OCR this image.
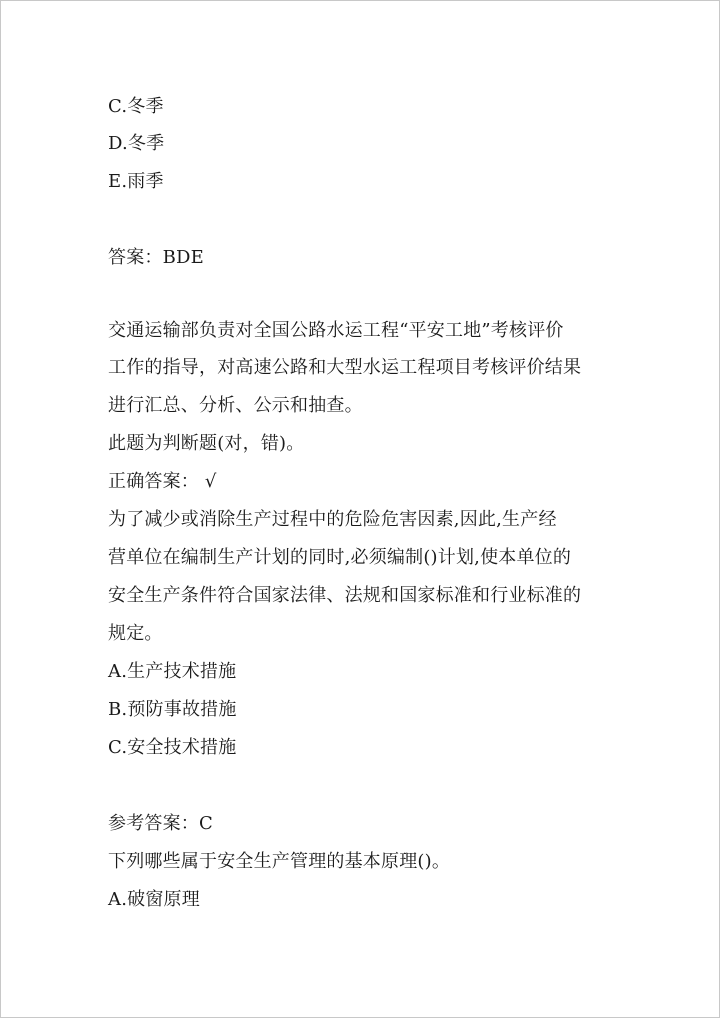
C.冬季
D.冬季
E.雨季
答案：BDE
交通运输部负责对全国公路水运工程“平安工地”考核评价
工作的指导，对高速公路和大型水运工程项目考核评价结果
进行汇总、分析、公示和抽查。
此题为判断题(对，错)。
正确答案： √
为了减少或消除生产过程中的危险危害因素,因此,生产经
营单位在编制生产计划的同时,必须编制()计划,使本单位的
安全生产条件符合国家法律、法规和国家标准和行业标准的
规定。
A.生产技术措施
B.预防事故措施
C.安全技术措施
参考答案：C
下列哪些属于安全生产管理的基本原理()。
A.破窗原理
